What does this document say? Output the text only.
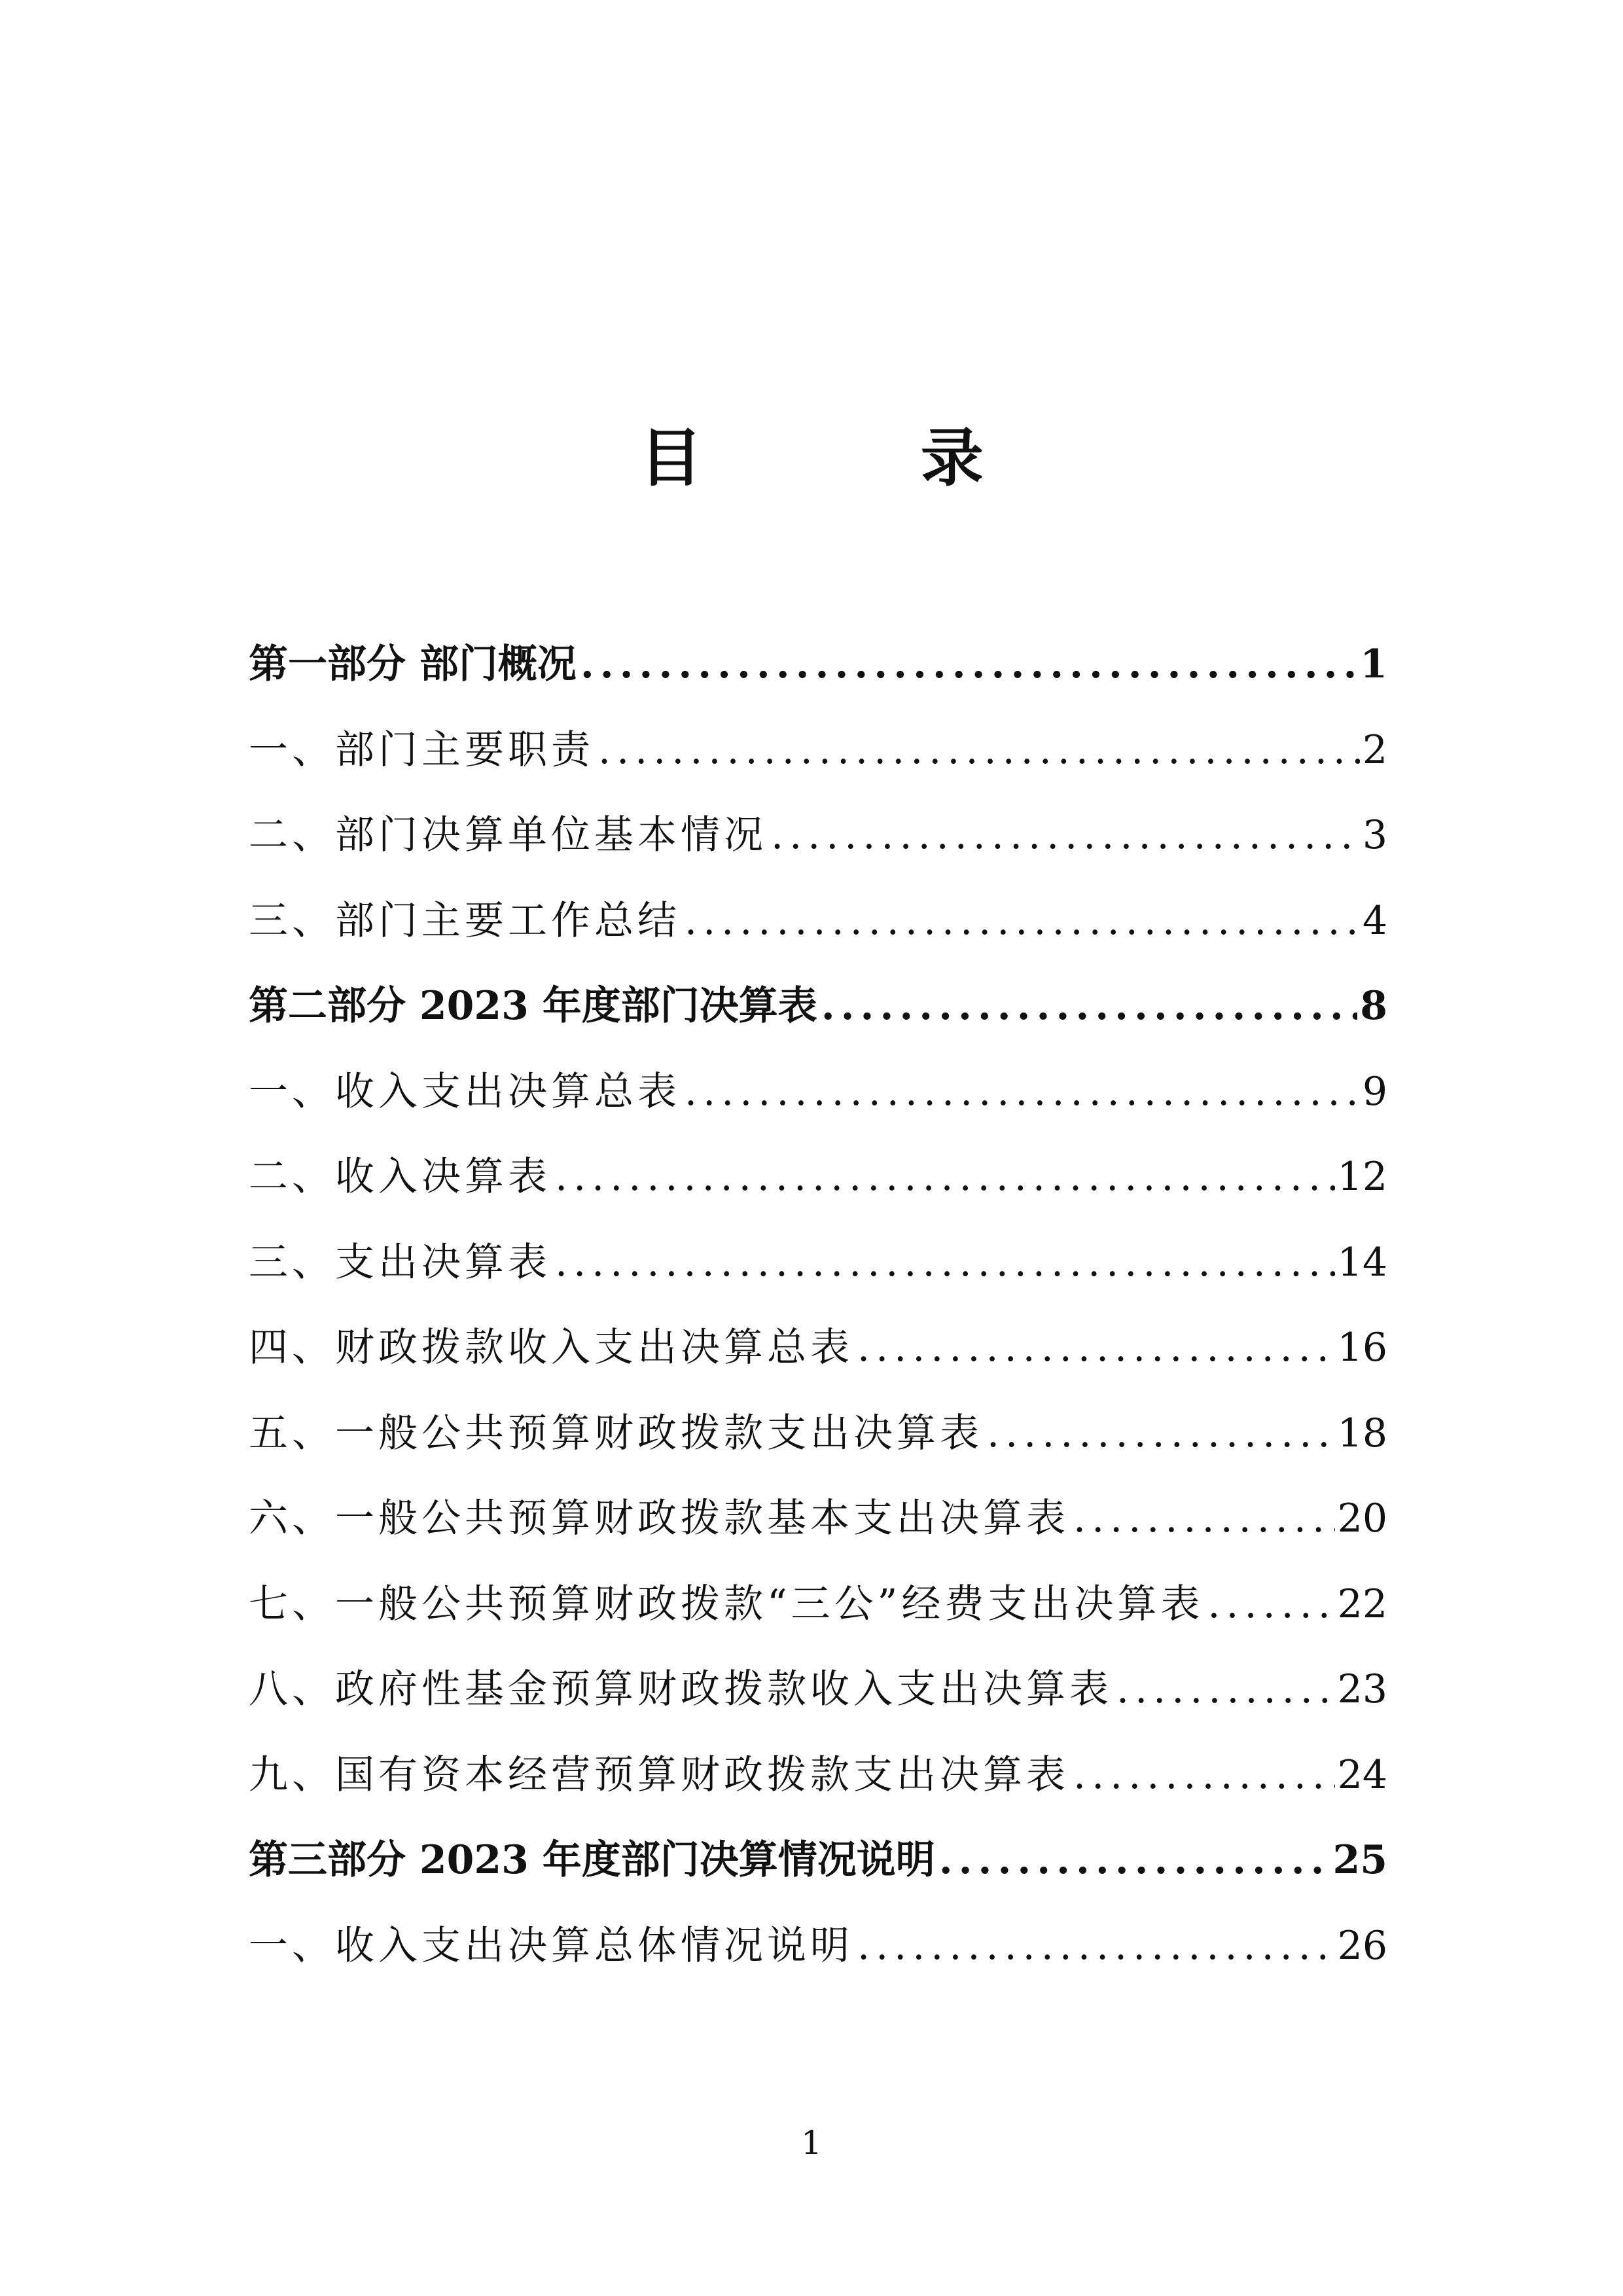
目 录
第一部分 部门概况 .....	1
一、部门主要职责 .....	2
二、部门决算单位基本情况 .....	3
三、部门主要工作总结 .....	4
第二部分 2023 年度部门决算表 .....	8
一、收入支出决算总表 .....	9
二、收入决算表 .....	12
三、支出决算表 .....	14
四、财政拨款收入支出决算总表 .....	16
五、一般公共预算财政拨款支出决算表 .....	18
六、一般公共预算财政拨款基本支出决算表 .....	20
七、一般公共预算财政拨款“三公”经费支出决算表 .....	22
八、政府性基金预算财政拨款收入支出决算表 .....	23
九、国有资本经营预算财政拨款支出决算表 .....	24
第三部分 2023 年度部门决算情况说明 .....	25
一、收入支出决算总体情况说明 .....	26
1
